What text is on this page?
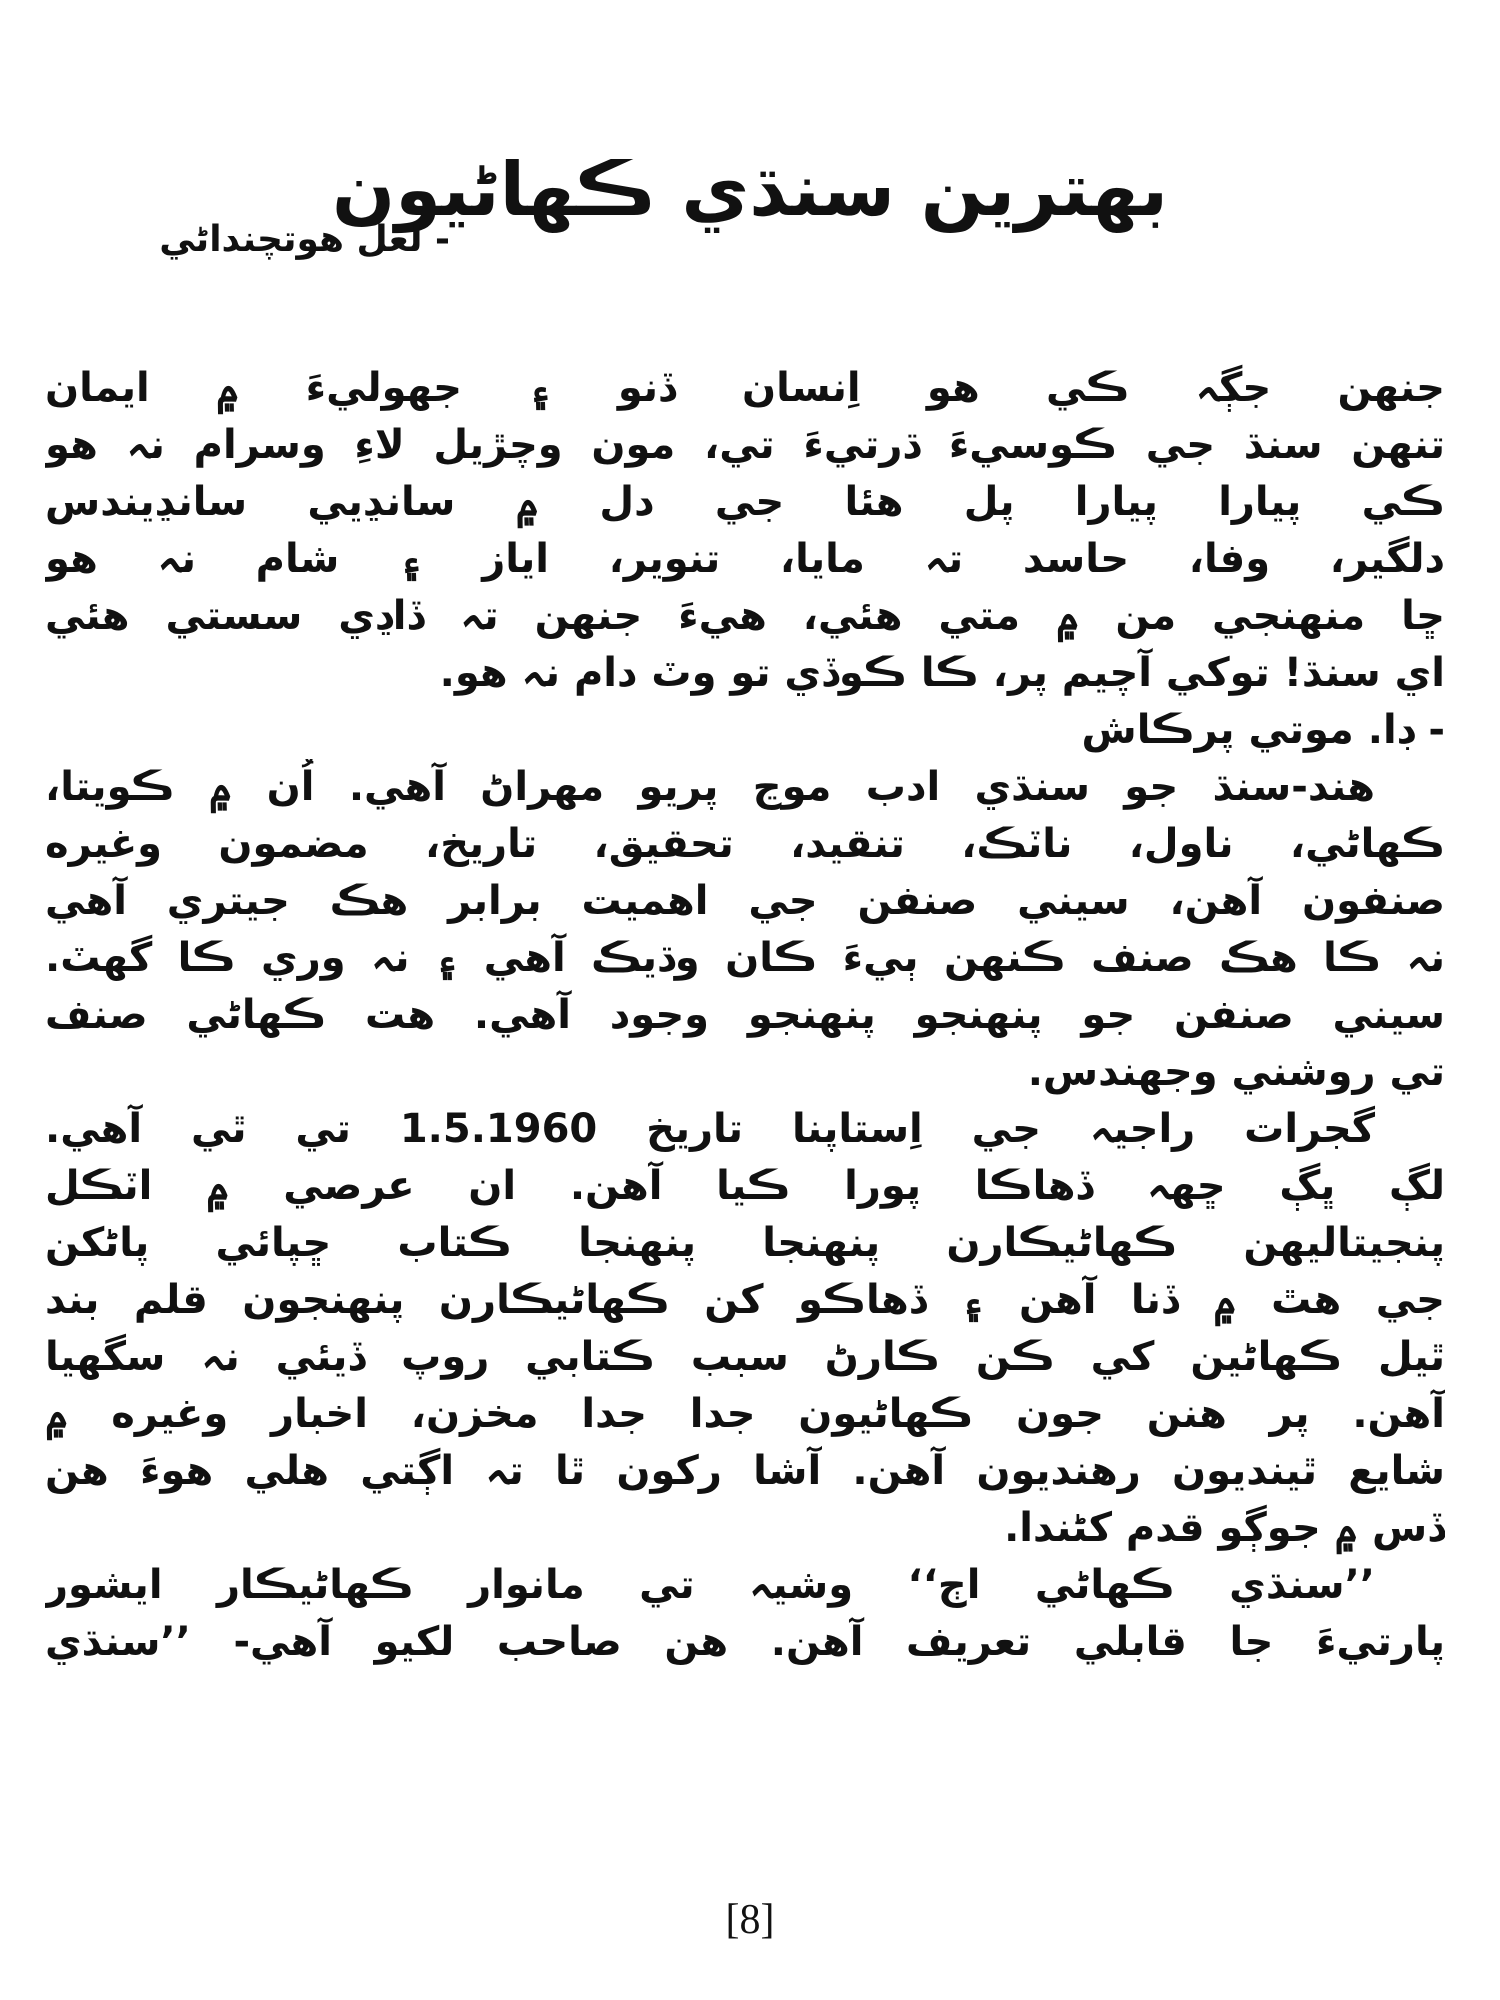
بهترين سنڌي ڪهاڻيون
- لعل هوتچنداڻي
جنهن جڳہ ڪي هو اِنسان ڏنو ۽ جهوليءَ ۾ ايمان
تنهن سنڌ جي ڪوسيءَ ڌرتيءَ تي، مون وچڙيل لاءِ وسرام نہ هو
ڪي پيارا پيارا پل هئا جي دل ۾ سانڍيي سانڍيندس
دلگير، وفا، حاسد تہ مايا، تنوير، اياز ۽ شام نہ هو
ڇا منهنجي من ۾ متي هئي، هيءَ جنهن تہ ڏاڍي سستي هئي
اي سنڌ! توکي آچيم پر، ڪا ڪوڏي تو وٽ دام نہ هو.
- ڊا. موتي پرڪاش
هند-سنڌ جو سنڌي ادب موڃ پريو مهراڻ آهي. اُن ۾ ڪويتا،
ڪهاڻي، ناول، ناٽڪ، تنقيد، تحقيق، تاريخ، مضمون وغيره
صنفون آهن، سيني صنفن جي اهميت برابر هڪ جيتري آهي
نہ ڪا هڪ صنف ڪنهن ٻيءَ ڪان وڌيڪ آهي ۽ نہ وري ڪا گهٽ.
سيني صنفن جو پنهنجو پنهنجو وجود آهي. هت ڪهاڻي صنف
تي روشني وجهندس.
گجرات راجيہ جي اِستاپنا تاريخ 1.5.1960 تي ٿي آهي.
لڳ ڀڳ ڇهہ ڏهاڪا پورا ڪيا آهن. ان عرصي ۾ اٽڪل
پنجيتاليهن ڪهاڻيڪارن پنهنجا پنهنجا ڪتاب ڇپائي پاڻکن
جي هٿ ۾ ڏنا آهن ۽ ڏهاڪو کن ڪهاڻيڪارن پنهنجون قلم بند
ٿيل ڪهاڻين کي ڪن ڪارڻ سبب ڪتابي روپ ڏيئي نہ سگهيا
آهن. پر هنن جون ڪهاڻيون جدا جدا مخزن، اخبار وغيره ۾
شايع ٿينديون رهنديون آهن. آشا رکون ٿا تہ اڳتي هلي هوءَ هن
ڏس ۾ جوڳو قدم کڻندا.
’’سنڌي ڪهاڻي اڄ‘‘ وشيہ تي مانوار ڪهاڻيڪار ايشور
پارتيءَ جا قابلي تعريف آهن. هن صاحب لکيو آهي- ’’سنڌي
[8]
